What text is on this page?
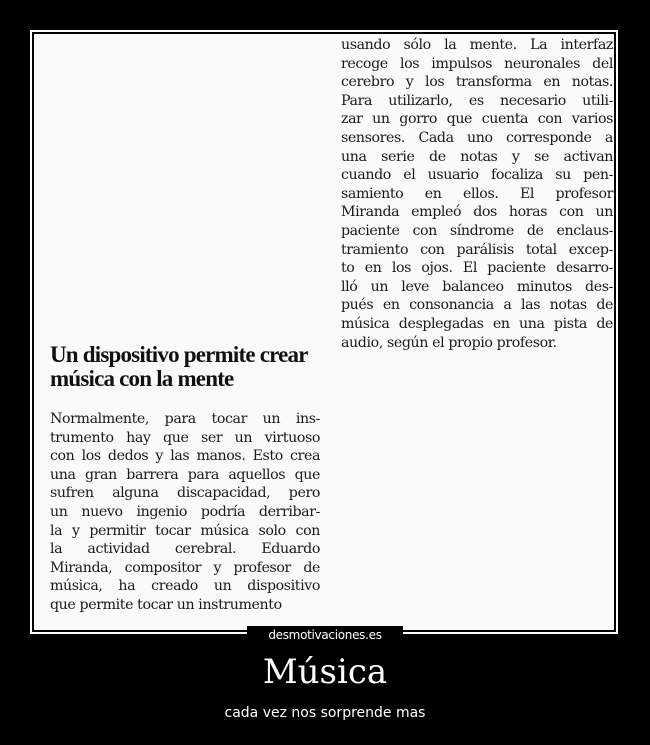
Un dispositivo permite crear
música con la mente
Normalmente, para tocar un ins-
trumento hay que ser un virtuoso
con los dedos y las manos. Esto crea
una gran barrera para aquellos que
sufren alguna discapacidad, pero
un nuevo ingenio podría derribar-
la y permitir tocar música solo con
la actividad cerebral. Eduardo
Miranda, compositor y profesor de
música, ha creado un dispositivo
que permite tocar un instrumento
usando sólo la mente. La interfaz
recoge los impulsos neuronales del
cerebro y los transforma en notas.
Para utilizarlo, es necesario utili-
zar un gorro que cuenta con varios
sensores. Cada uno corresponde a
una serie de notas y se activan
cuando el usuario focaliza su pen-
samiento en ellos. El profesor
Miranda empleó dos horas con un
paciente con síndrome de enclaus-
tramiento con parálisis total excep-
to en los ojos. El paciente desarro-
lló un leve balanceo minutos des-
pués en consonancia a las notas de
música desplegadas en una pista de
audio, según el propio profesor.
desmotivaciones.es
Música
cada vez nos sorprende mas
